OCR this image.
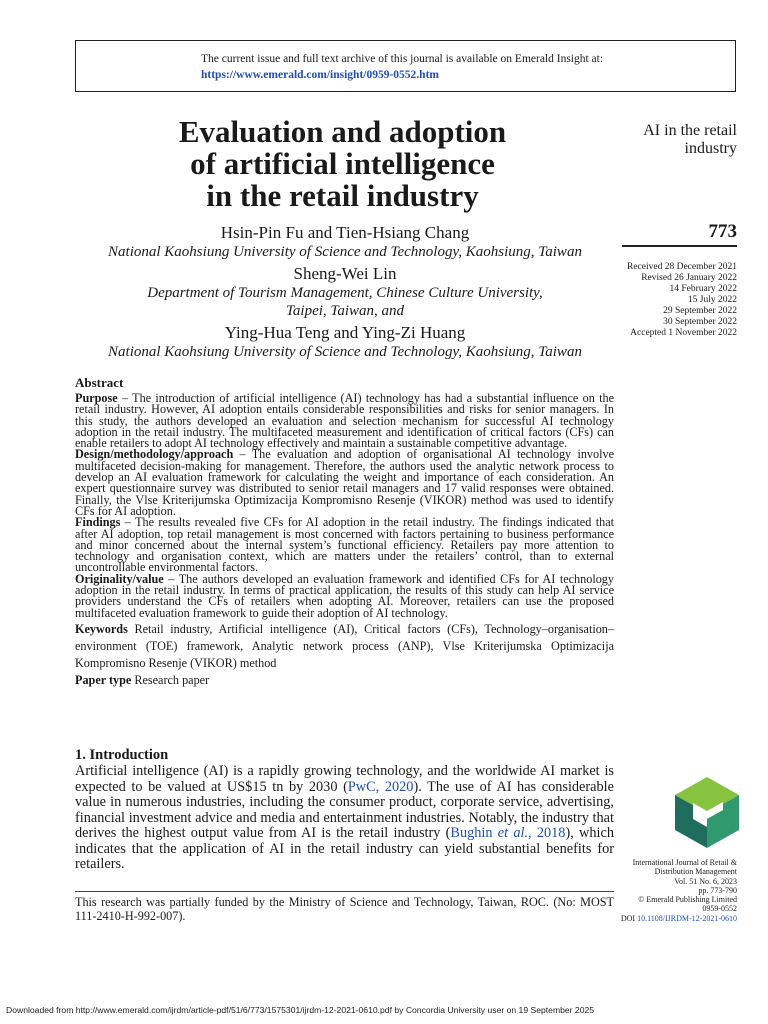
The current issue and full text archive of this journal is available on Emerald Insight at:
https://www.emerald.com/insight/0959-0552.htm
Evaluation and adoption
of artificial intelligence
in the retail industry
Hsin-Pin Fu and Tien-Hsiang Chang
National Kaohsiung University of Science and Technology, Kaohsiung, Taiwan
Sheng-Wei Lin
Department of Tourism Management, Chinese Culture University,
Taipei, Taiwan, and
Ying-Hua Teng and Ying-Zi Huang
National Kaohsiung University of Science and Technology, Kaohsiung, Taiwan
AI in the retail
industry
773
Received 28 December 2021
Revised 26 January 2022
14 February 2022
15 July 2022
29 September 2022
30 September 2022
Accepted 1 November 2022
Abstract

Purpose – The introduction of artificial intelligence (AI) technology has had a substantial influence on the retail industry. However, AI adoption entails considerable responsibilities and risks for senior managers. In this study, the authors developed an evaluation and selection mechanism for successful AI technology adoption in the retail industry. The multifaceted measurement and identification of critical factors (CFs) can enable retailers to adopt AI technology effectively and maintain a sustainable competitive advantage.

Design/methodology/approach – The evaluation and adoption of organisational AI technology involve multifaceted decision-making for management. Therefore, the authors used the analytic network process to develop an AI evaluation framework for calculating the weight and importance of each consideration. An expert questionnaire survey was distributed to senior retail managers and 17 valid responses were obtained. Finally, the Vlse Kriterijumska Optimizacija Kompromisno Resenje (VIKOR) method was used to identify CFs for AI adoption.

Findings – The results revealed five CFs for AI adoption in the retail industry. The findings indicated that after AI adoption, top retail management is most concerned with factors pertaining to business performance and minor concerned about the internal system’s functional efficiency. Retailers pay more attention to technology and organisation context, which are matters under the retailers’ control, than to external uncontrollable environmental factors.

Originality/value – The authors developed an evaluation framework and identified CFs for AI technology adoption in the retail industry. In terms of practical application, the results of this study can help AI service providers understand the CFs of retailers when adopting AI. Moreover, retailers can use the proposed multifaceted evaluation framework to guide their adoption of AI technology.

Keywords Retail industry, Artificial intelligence (AI), Critical factors (CFs), Technology–organisation–environment (TOE) framework, Analytic network process (ANP), Vlse Kriterijumska Optimizacija Kompromisno Resenje (VIKOR) method

Paper type Research paper

1. Introduction

Artificial intelligence (AI) is a rapidly growing technology, and the worldwide AI market is expected to be valued at US$15 tn by 2030 (PwC, 2020). The use of AI has considerable value in numerous industries, including the consumer product, corporate service, advertising, financial investment advice and media and entertainment industries. Notably, the industry that derives the highest output value from AI is the retail industry (Bughin et al., 2018), which indicates that the application of AI in the retail industry can yield substantial benefits for retailers.

This research was partially funded by the Ministry of Science and Technology, Taiwan, ROC. (No: MOST 111-2410-H-992-007).
International Journal of Retail &
Distribution Management
Vol. 51 No. 6, 2023
pp. 773-790
© Emerald Publishing Limited
0959-0552
DOI 10.1108/IJRDM-12-2021-0610
Downloaded from http://www.emerald.com/ijrdm/article-pdf/51/6/773/1575301/ijrdm-12-2021-0610.pdf by Concordia University user on 19 September 2025
